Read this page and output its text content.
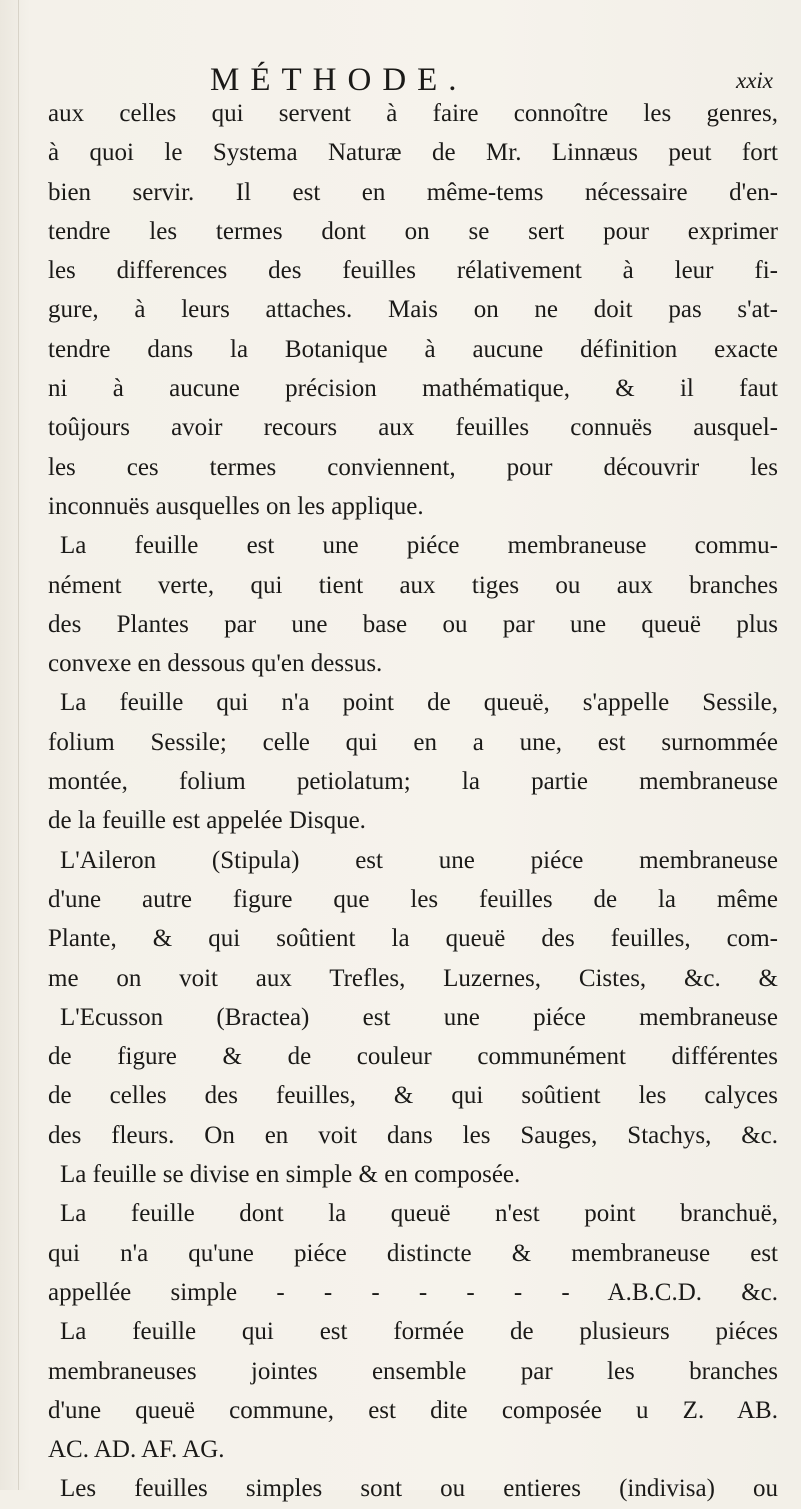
MÉTHODE.	xxix
aux celles qui servent à faire connoître les genres,
à quoi le Systema Naturæ de Mr. Linnæus peut fort
bien servir. Il est en même-tems nécessaire d'en-
tendre les termes dont on se sert pour exprimer
les differences des feuilles rélativement à leur fi-
gure, à leurs attaches. Mais on ne doit pas s'at-
tendre dans la Botanique à aucune définition exacte
ni à aucune précision mathématique, & il faut
toûjours avoir recours aux feuilles connuës ausquel-
les ces termes conviennent, pour découvrir les
inconnuës ausquelles on les applique.
La feuille est une piéce membraneuse commu-
nément verte, qui tient aux tiges ou aux branches
des Plantes par une base ou par une queuë plus
convexe en dessous qu'en dessus.
La feuille qui n'a point de queuë, s'appelle Sessile,
folium Sessile; celle qui en a une, est surnommée
montée, folium petiolatum; la partie membraneuse
de la feuille est appelée Disque.
L'Aileron (Stipula) est une piéce membraneuse
d'une autre figure que les feuilles de la même
Plante, & qui soûtient la queuë des feuilles, com-
me on voit aux Trefles, Luzernes, Cistes, &c. &
L'Ecusson (Bractea) est une piéce membraneuse
de figure & de couleur communément différentes
de celles des feuilles, & qui soûtient les calyces
des fleurs. On en voit dans les Sauges, Stachys, &c.
La feuille se divise en simple & en composée.
La feuille dont la queuë n'est point branchuë,
qui n'a qu'une piéce distincte & membraneuse est
appellée simple - - - - - - - A.B.C.D. &c.
La feuille qui est formée de plusieurs piéces
membraneuses jointes ensemble par les branches
d'une queuë commune, est dite composée u Z. AB.
AC. AD. AF. AG.
Les feuilles simples sont ou entieres (indivisa) ou
